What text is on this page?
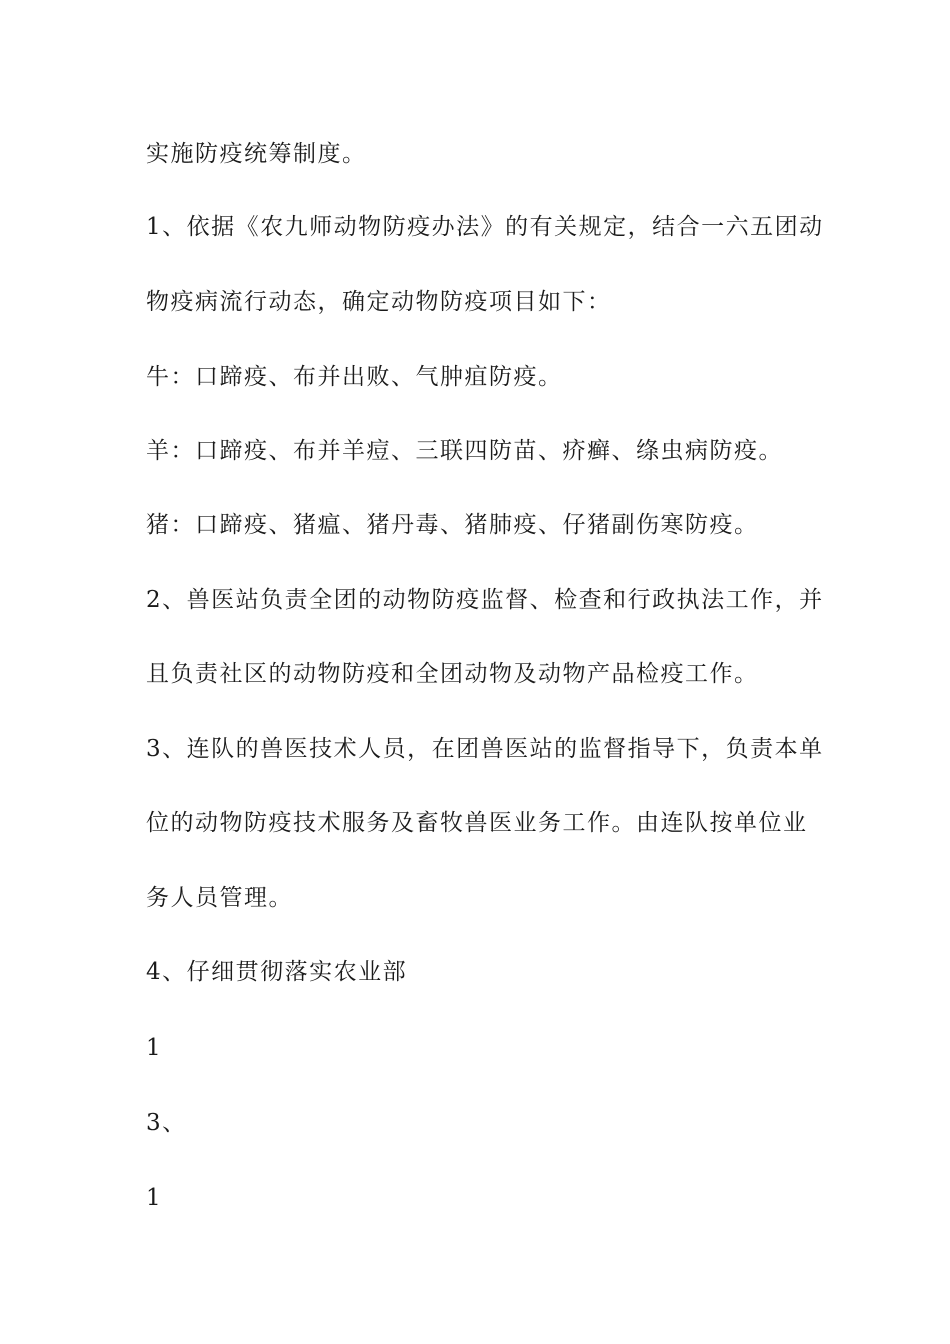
实施防疫统筹制度。
1、依据《农九师动物防疫办法》的有关规定，结合一六五团动
物疫病流行动态，确定动物防疫项目如下：
牛：口蹄疫、布并出败、气肿疽防疫。
羊：口蹄疫、布并羊痘、三联四防苗、疥癣、绦虫病防疫。
猪：口蹄疫、猪瘟、猪丹毒、猪肺疫、仔猪副伤寒防疫。
2、兽医站负责全团的动物防疫监督、检查和行政执法工作，并
且负责社区的动物防疫和全团动物及动物产品检疫工作。
3、连队的兽医技术人员，在团兽医站的监督指导下，负责本单
位的动物防疫技术服务及畜牧兽医业务工作。由连队按单位业
务人员管理。
4、仔细贯彻落实农业部
1
3、
1
